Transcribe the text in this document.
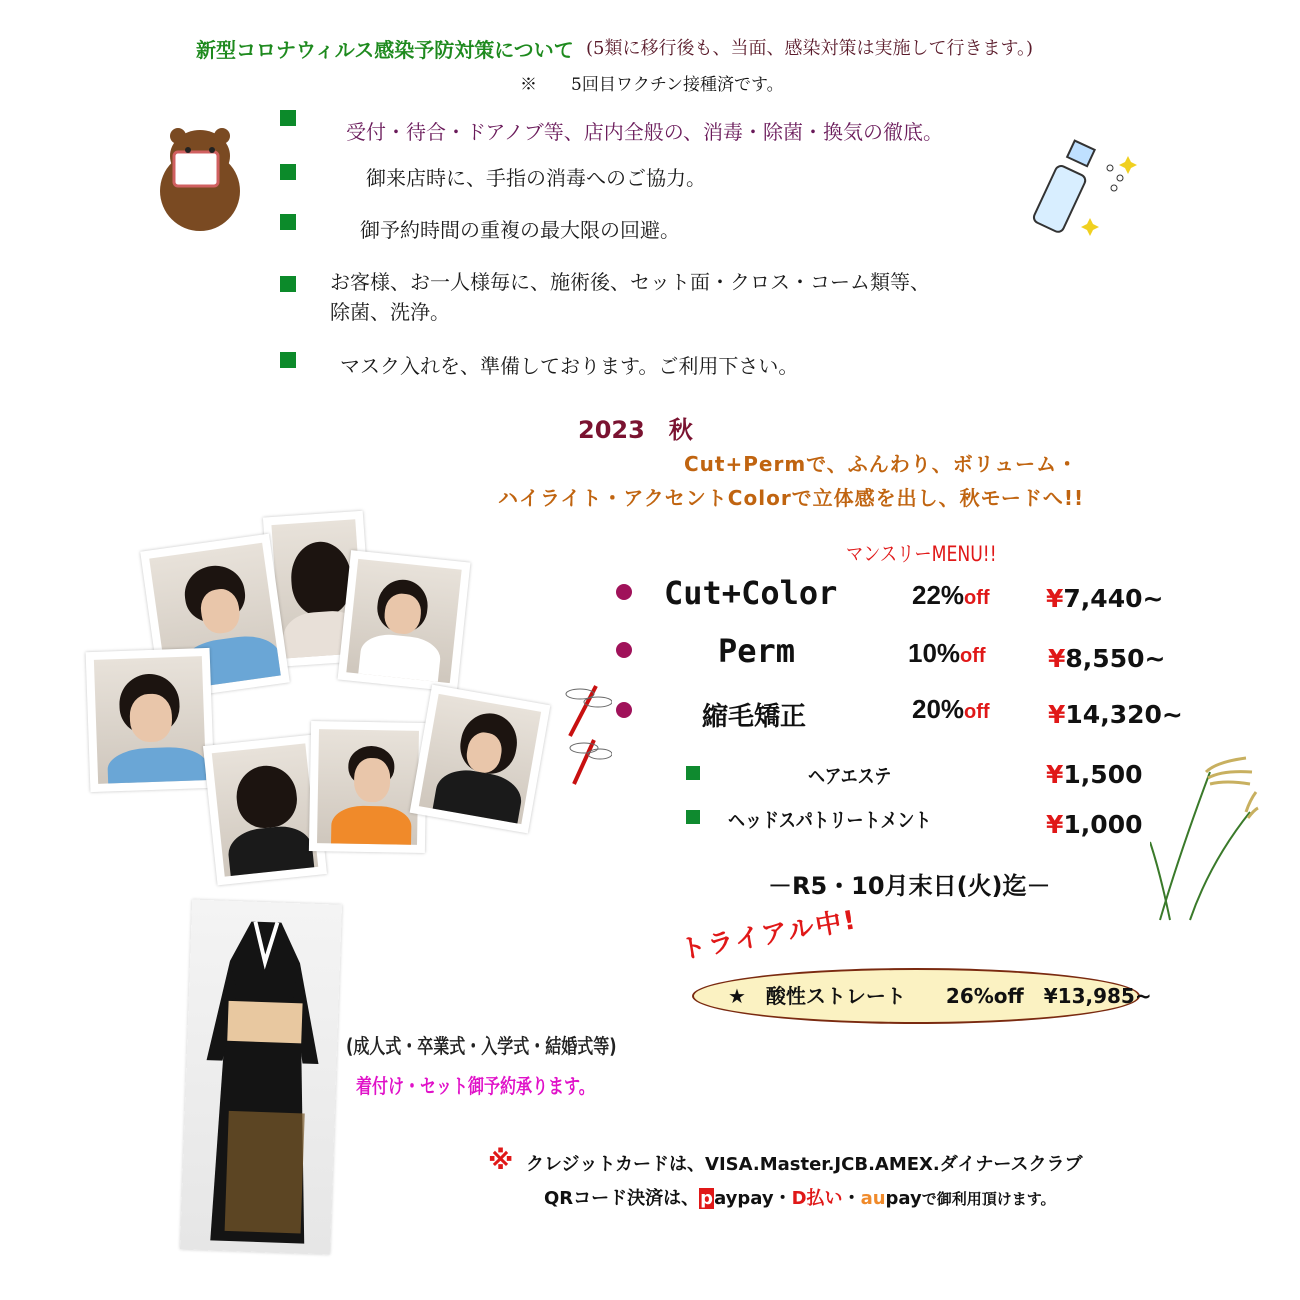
新型コロナウィルス感染予防対策について (5類に移行後も、当面、感染対策は実施して行きます。)
※　　5回目ワクチン接種済です。
受付・待合・ドアノブ等、店内全般の、消毒・除菌・換気の徹底。
御来店時に、手指の消毒へのご協力。
御予約時間の重複の最大限の回避。
お客様、お一人様毎に、施術後、セット面・クロス・コーム類等、
除菌、洗浄。
マスク入れを、準備しております。ご利用下さい。
2023　秋
Cut+Permで、ふんわり、ボリューム・
ハイライト・アクセントColorで立体感を出し、秋モードへ!!
マンスリーMENU!!
Cut+Color	22%off ¥7,440~
Perm	10%off ¥8,550~
縮毛矯正	20%off ¥14,320~
ヘアエステ	¥1,500
ヘッドスパトリートメント	¥1,000
－R5・10月末日(火)迄－
トライアル中!
★　酸性ストレート　　26%off　¥13,985~
(成人式・卒業式・入学式・結婚式等)
着付け・セット御予約承ります。
※ クレジットカードは、VISA.Master.JCB.AMEX.ダイナースクラブ
QRコード決済は、paypay・D払い・aupayで御利用頂けます。
